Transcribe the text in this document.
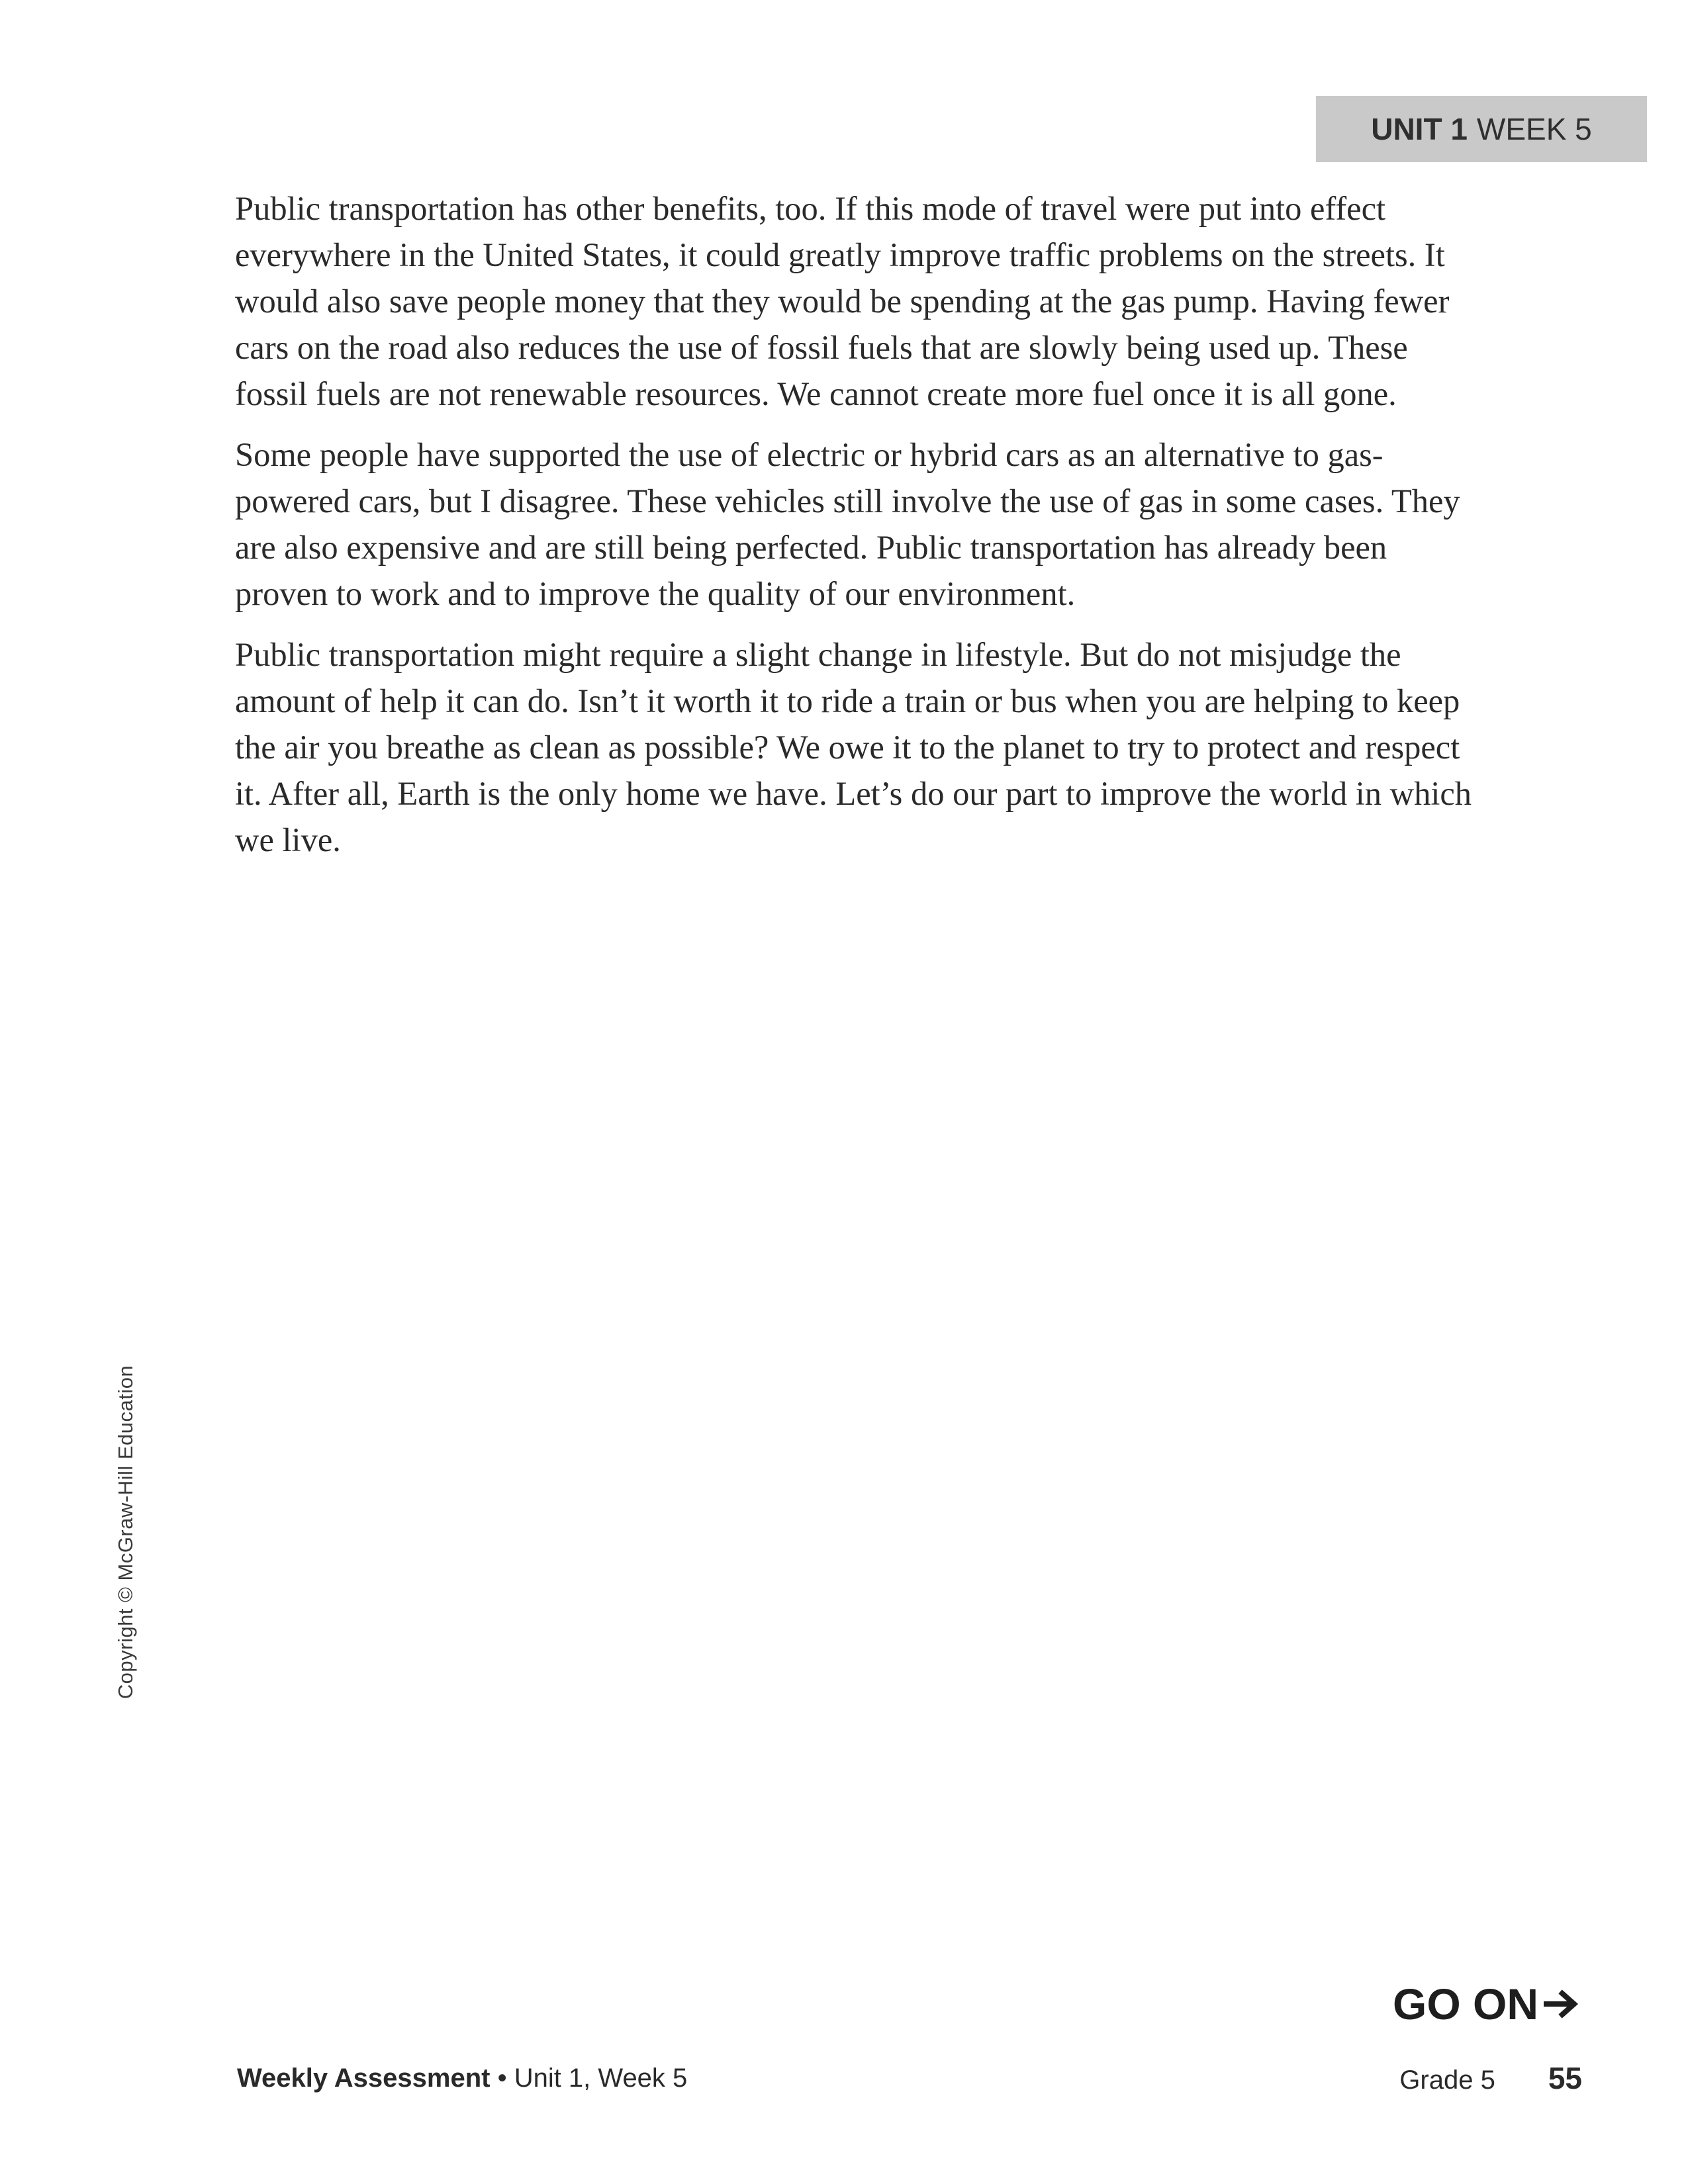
UNIT 1 WEEK 5

Public transportation has other benefits, too. If this mode of travel were put into effect everywhere in the United States, it could greatly improve traffic problems on the streets. It would also save people money that they would be spending at the gas pump. Having fewer cars on the road also reduces the use of fossil fuels that are slowly being used up. These fossil fuels are not renewable resources. We cannot create more fuel once it is all gone.

Some people have supported the use of electric or hybrid cars as an alternative to gas-powered cars, but I disagree. These vehicles still involve the use of gas in some cases. They are also expensive and are still being perfected. Public transportation has already been proven to work and to improve the quality of our environment.

Public transportation might require a slight change in lifestyle. But do not misjudge the amount of help it can do. Isn’t it worth it to ride a train or bus when you are helping to keep the air you breathe as clean as possible? We owe it to the planet to try to protect and respect it. After all, Earth is the only home we have. Let’s do our part to improve the world in which we live.

Copyright © McGraw-Hill Education
GO ON
Weekly Assessment • Unit 1, Week 5	Grade 5 55
